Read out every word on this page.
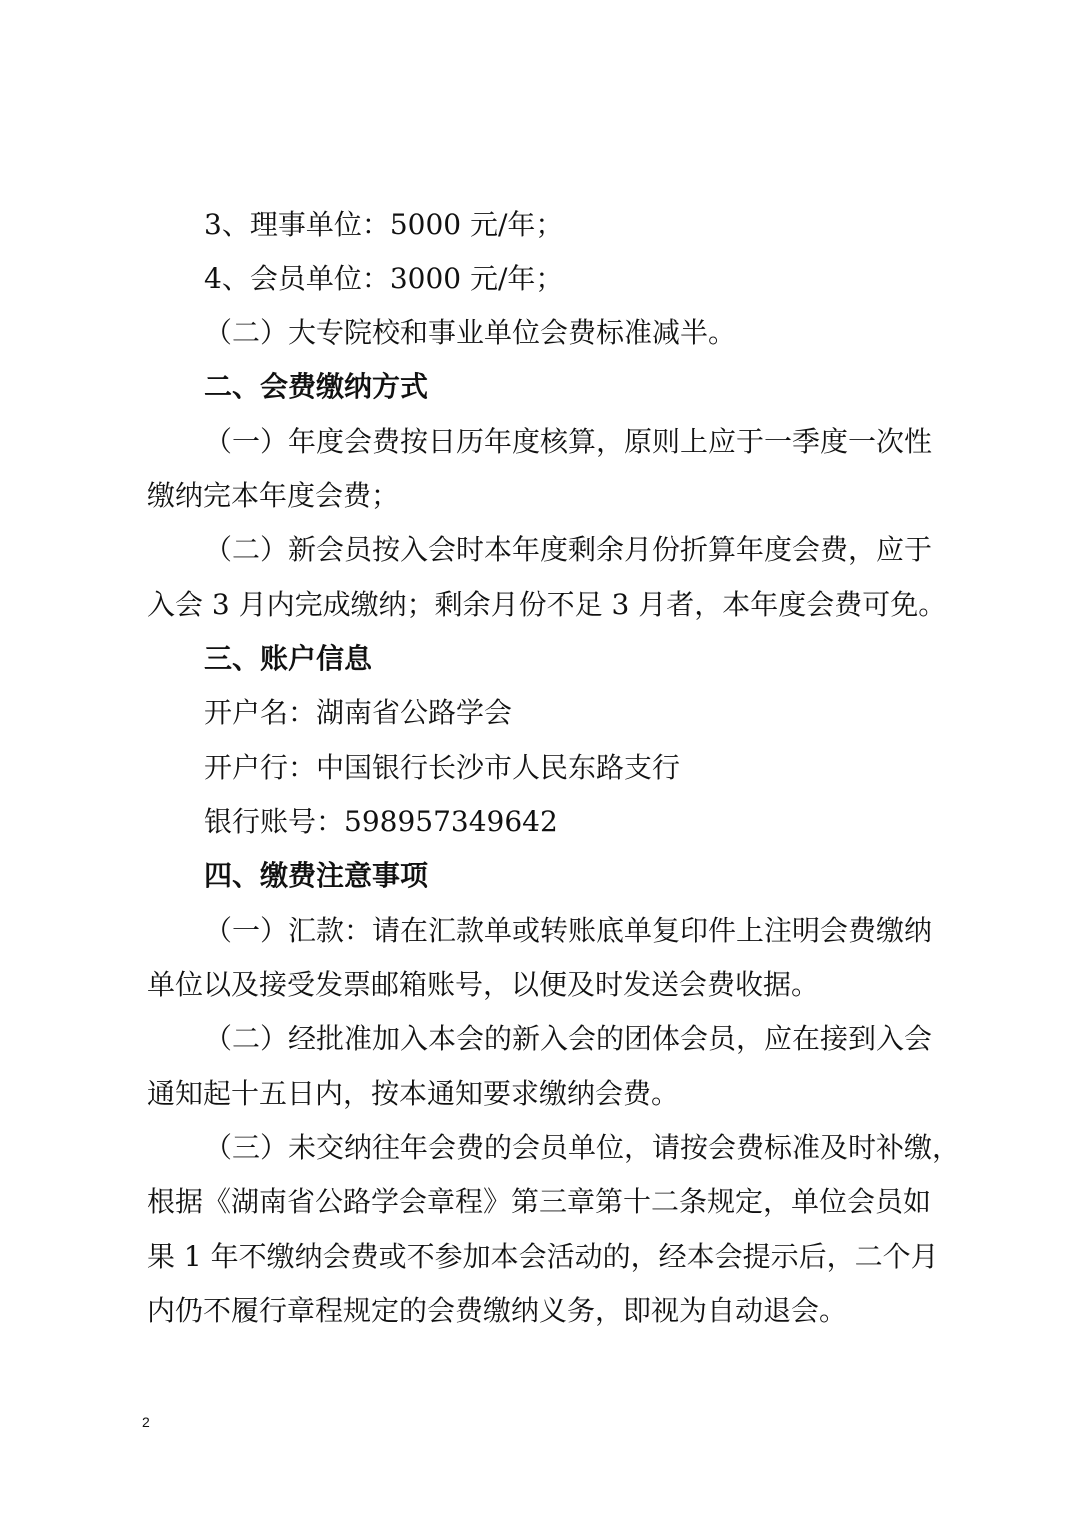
3、理事单位：5000 元/年；
4、会员单位：3000 元/年；
（二）大专院校和事业单位会费标准减半。
二、会费缴纳方式
（一）年度会费按日历年度核算，原则上应于一季度一次性
缴纳完本年度会费；
（二）新会员按入会时本年度剩余月份折算年度会费，应于
入会 3 月内完成缴纳；剩余月份不足 3 月者，本年度会费可免。
三、账户信息
开户名：湖南省公路学会
开户行：中国银行长沙市人民东路支行
银行账号：598957349642
四、缴费注意事项
（一）汇款：请在汇款单或转账底单复印件上注明会费缴纳
单位以及接受发票邮箱账号，以便及时发送会费收据。
（二）经批准加入本会的新入会的团体会员，应在接到入会
通知起十五日内，按本通知要求缴纳会费。
（三）未交纳往年会费的会员单位，请按会费标准及时补缴，
根据《湖南省公路学会章程》第三章第十二条规定，单位会员如
果 1 年不缴纳会费或不参加本会活动的，经本会提示后，二个月
内仍不履行章程规定的会费缴纳义务，即视为自动退会。
2
